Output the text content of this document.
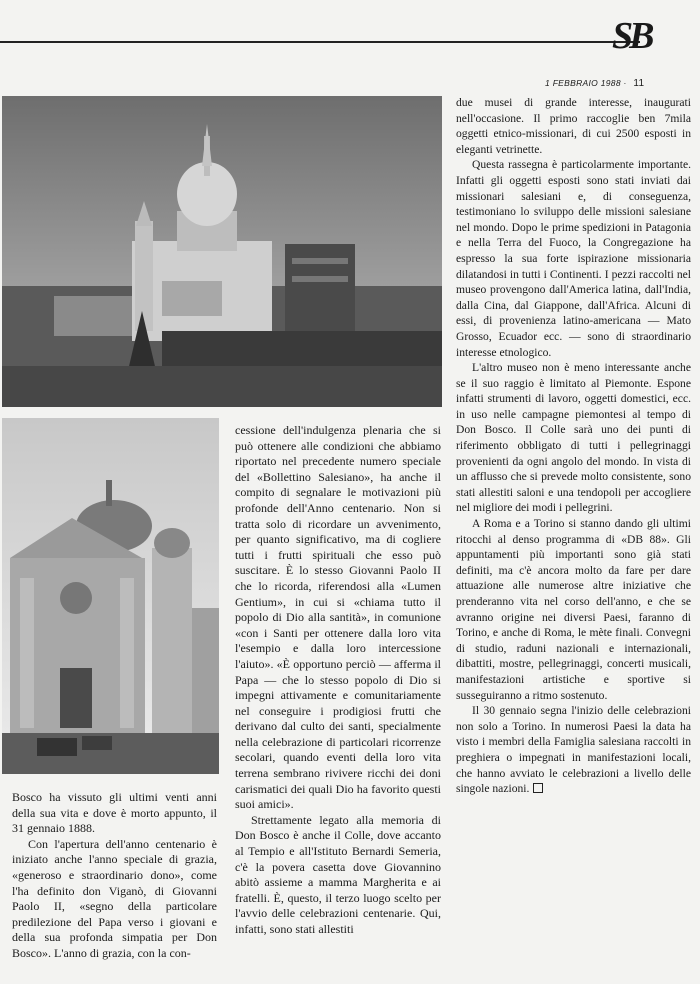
SB
1 FEBBRAIO 1988 · 11

Bosco ha vissuto gli ultimi venti anni della sua vita e dove è morto appunto, il 31 gennaio 1888.

Con l'apertura dell'anno centenario è iniziato anche l'anno speciale di grazia, «generoso e straordinario dono», come l'ha definito don Viganò, di Giovanni Paolo II, «segno della particolare predilezione del Papa verso i giovani e della sua profonda simpatia per Don Bosco». L'anno di grazia, con la con-

cessione dell'indulgenza plenaria che si può ottenere alle condizioni che abbiamo riportato nel precedente numero speciale del «Bollettino Salesiano», ha anche il compito di segnalare le motivazioni più profonde dell'Anno centenario. Non si tratta solo di ricordare un avvenimento, per quanto significativo, ma di cogliere tutti i frutti spirituali che esso può suscitare. È lo stesso Giovanni Paolo II che lo ricorda, riferendosi alla «Lumen Gentium», in cui si «chiama tutto il popolo di Dio alla santità», in comunione «con i Santi per ottenere dalla loro vita l'esempio e dalla loro intercessione l'aiuto». «È opportuno perciò — afferma il Papa — che lo stesso popolo di Dio si impegni attivamente e comunitariamente nel conseguire i prodigiosi frutti che derivano dal culto dei santi, specialmente nella celebrazione di particolari ricorrenze secolari, quando eventi della loro vita terrena sembrano rivivere ricchi dei doni carismatici dei quali Dio ha favorito questi suoi amici».

Strettamente legato alla memoria di Don Bosco è anche il Colle, dove accanto al Tempio e all'Istituto Bernardi Semeria, c'è la povera casetta dove Giovannino abitò assieme a mamma Margherita e ai fratelli. È, questo, il terzo luogo scelto per l'avvio delle celebrazioni centenarie. Qui, infatti, sono stati allestiti

due musei di grande interesse, inaugurati nell'occasione. Il primo raccoglie ben 7mila oggetti etnico-missionari, di cui 2500 esposti in eleganti vetrinette.

Questa rassegna è particolarmente importante. Infatti gli oggetti esposti sono stati inviati dai missionari salesiani e, di conseguenza, testimoniano lo sviluppo delle missioni salesiane nel mondo. Dopo le prime spedizioni in Patagonia e nella Terra del Fuoco, la Congregazione ha espresso la sua forte ispirazione missionaria dilatandosi in tutti i Continenti. I pezzi raccolti nel museo provengono dall'America latina, dall'India, dalla Cina, dal Giappone, dall'Africa. Alcuni di essi, di provenienza latino-americana — Mato Grosso, Ecuador ecc. — sono di straordinario interesse etnologico.

L'altro museo non è meno interessante anche se il suo raggio è limitato al Piemonte. Espone infatti strumenti di lavoro, oggetti domestici, ecc. in uso nelle campagne piemontesi al tempo di Don Bosco. Il Colle sarà uno dei punti di riferimento obbligato di tutti i pellegrinaggi provenienti da ogni angolo del mondo. In vista di un afflusso che si prevede molto consistente, sono stati allestiti saloni e una tendopoli per accogliere nel migliore dei modi i pellegrini.

A Roma e a Torino si stanno dando gli ultimi ritocchi al denso programma di «DB 88». Gli appuntamenti più importanti sono già stati definiti, ma c'è ancora molto da fare per dare attuazione alle numerose altre iniziative che prenderanno vita nel corso dell'anno, e che se avranno origine nei diversi Paesi, faranno di Torino, e anche di Roma, le mète finali. Convegni di studio, raduni nazionali e internazionali, dibattiti, mostre, pellegrinaggi, concerti musicali, manifestazioni artistiche e sportive si susseguiranno a ritmo sostenuto.

Il 30 gennaio segna l'inizio delle celebrazioni non solo a Torino. In numerosi Paesi la data ha visto i membri della Famiglia salesiana raccolti in preghiera o impegnati in manifestazioni locali, che hanno avviato le celebrazioni a livello delle singole nazioni.
